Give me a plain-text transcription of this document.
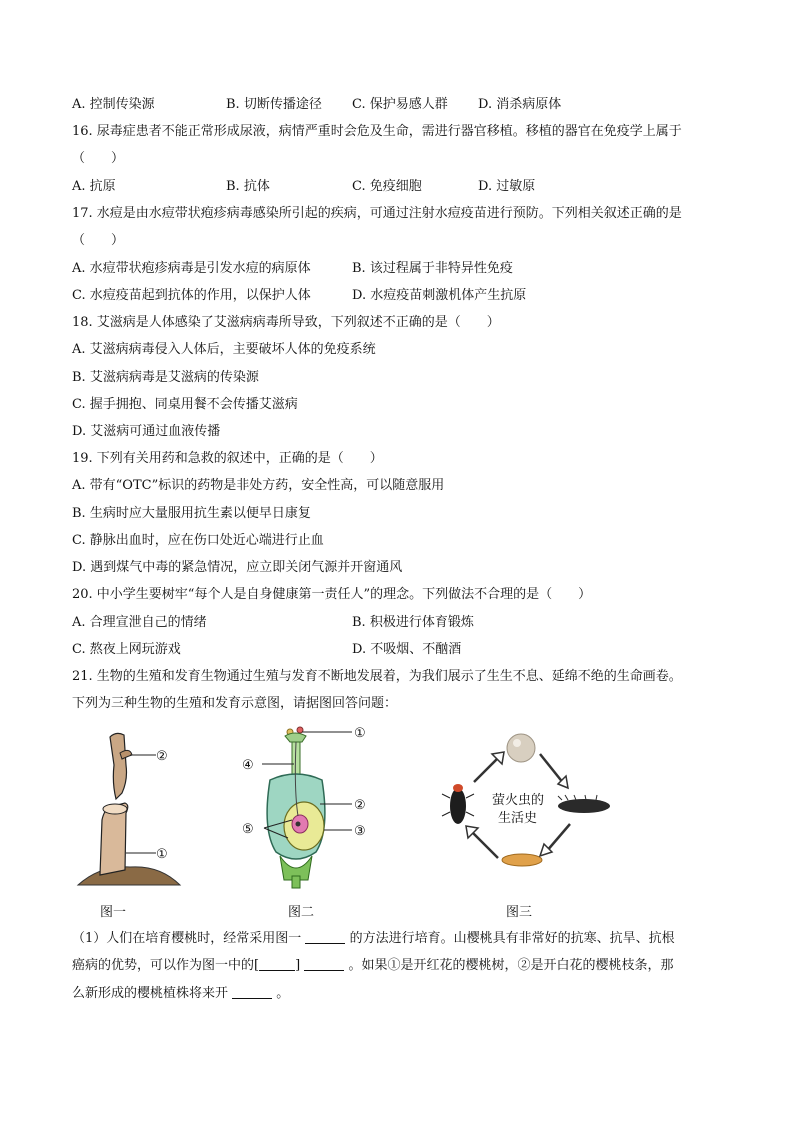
A. 控制传染源	B. 切断传播途径 C. 保护易感人群 D. 消杀病原体
16. 尿毒症患者不能正常形成尿液，病情严重时会危及生命，需进行器官移植。移植的器官在免疫学上属于
（　　）
A. 抗原	B. 抗体	C. 免疫细胞	D. 过敏原
17. 水痘是由水痘带状疱疹病毒感染所引起的疾病，可通过注射水痘疫苗进行预防。下列相关叙述正确的是
（　　）
A. 水痘带状疱疹病毒是引发水痘的病原体	B. 该过程属于非特异性免疫
C. 水痘疫苗起到抗体的作用，以保护人体	D. 水痘疫苗刺激机体产生抗原
18. 艾滋病是人体感染了艾滋病病毒所导致，下列叙述不正确的是（　　）
A. 艾滋病病毒侵入人体后，主要破坏人体的免疫系统
B. 艾滋病病毒是艾滋病的传染源
C. 握手拥抱、同桌用餐不会传播艾滋病
D. 艾滋病可通过血液传播
19. 下列有关用药和急救的叙述中，正确的是（　　）
A. 带有“OTC”标识的药物是非处方药，安全性高，可以随意服用
B. 生病时应大量服用抗生素以便早日康复
C. 静脉出血时，应在伤口处近心端进行止血
D. 遇到煤气中毒的紧急情况，应立即关闭气源并开窗通风
20. 中小学生要树牢“每个人是自身健康第一责任人”的理念。下列做法不合理的是（　　）
A. 合理宣泄自己的情绪	B. 积极进行体育锻炼
C. 熬夜上网玩游戏	D. 不吸烟、不酗酒
21. 生物的生殖和发育生物通过生殖与发育不断地发展着，为我们展示了生生不息、延绵不绝的生命画卷。
下列为三种生物的生殖和发育示意图，请据图回答问题：
②
①
图一
①
④
②
⑤	③
图二
萤火虫的
生活史
图三
（1）人们在培育樱桃时，经常采用图一	的方法进行培育。山樱桃具有非常好的抗寒、抗旱、抗根
癌病的优势，可以作为图一中的[	]	。如果①是开红花的樱桃树，②是开白花的樱桃枝条，那
么新形成的樱桃植株将来开	。
